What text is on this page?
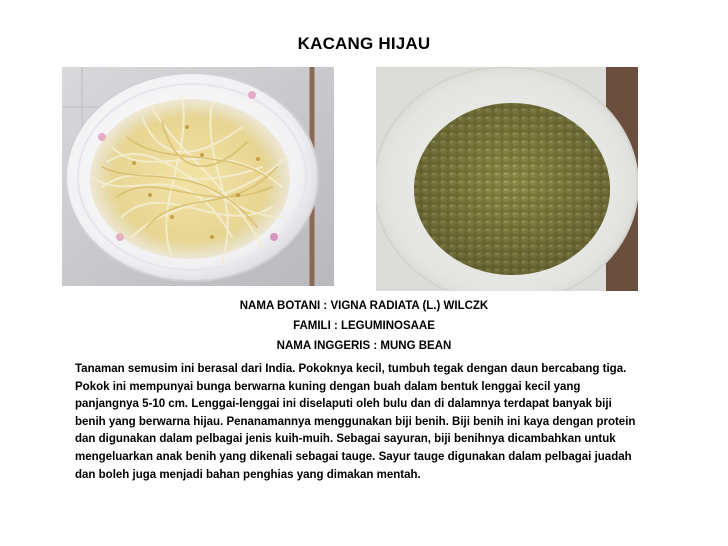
KACANG HIJAU
NAMA BOTANI : VIGNA RADIATA (L.) WILCZK
FAMILI : LEGUMINOSAAE
NAMA INGGERIS : MUNG BEAN
Tanaman semusim ini berasal dari India. Pokoknya kecil, tumbuh tegak dengan daun bercabang tiga.
Pokok ini mempunyai bunga berwarna kuning dengan buah dalam bentuk lenggai kecil yang
panjangnya 5-10 cm. Lenggai-lenggai ini diselaputi oleh bulu dan di dalamnya terdapat banyak biji
benih yang berwarna hijau. Penanamannya menggunakan biji benih. Biji benih ini kaya dengan protein
dan digunakan dalam pelbagai jenis kuih-muih. Sebagai sayuran, biji benihnya dicambahkan untuk
mengeluarkan anak benih yang dikenali sebagai tauge. Sayur tauge digunakan dalam pelbagai juadah
dan boleh juga menjadi bahan penghias yang dimakan mentah.
